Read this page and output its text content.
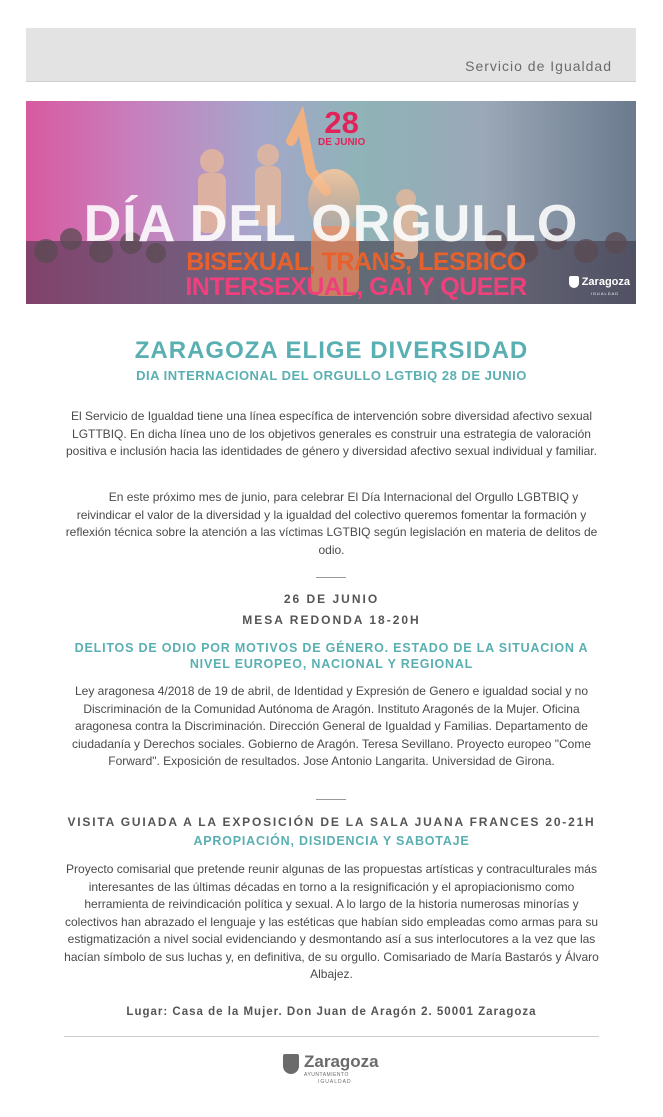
Servicio de Igualdad
28
DE JUNIO
DÍA DEL ORGULLO
BISEXUAL, TRANS, LESBICO
INTERSEXUAL, GAI Y QUEER	Zaragoza
IGUALDAD
ZARAGOZA ELIGE DIVERSIDAD
DIA INTERNACIONAL DEL ORGULLO LGTBIQ 28 DE JUNIO
El Servicio de Igualdad tiene una línea específica de intervención sobre diversidad afectivo sexual LGTTBIQ. En dicha línea uno de los objetivos generales es construir una estrategia de valoración positiva e inclusión hacia las identidades de género y diversidad afectivo sexual individual y familiar.
En este próximo mes de junio, para celebrar El Día Internacional del Orgullo LGBTBIQ y reivindicar el valor de la diversidad y la igualdad del colectivo queremos fomentar la formación y reflexión técnica sobre la atención a las víctimas LGTBIQ según legislación en materia de delitos de odio.
26 DE JUNIO
MESA REDONDA 18-20H
DELITOS DE ODIO POR MOTIVOS DE GÉNERO. ESTADO DE LA SITUACION A NIVEL EUROPEO, NACIONAL Y REGIONAL
Ley aragonesa 4/2018 de 19 de abril, de Identidad y Expresión de Genero e igualdad social y no Discriminación de la Comunidad Autónoma de Aragón. Instituto Aragonés de la Mujer. Oficina aragonesa contra la Discriminación. Dirección General de Igualdad y Familias. Departamento de ciudadanía y Derechos sociales. Gobierno de Aragón. Teresa Sevillano. Proyecto europeo "Come Forward". Exposición de resultados. Jose Antonio Langarita. Universidad de Girona.
VISITA GUIADA A LA EXPOSICIÓN DE LA SALA JUANA FRANCES 20-21H
APROPIACIÓN, DISIDENCIA Y SABOTAJE
Proyecto comisarial que pretende reunir algunas de las propuestas artísticas y contraculturales más interesantes de las últimas décadas en torno a la resignificación y el apropiacionismo como herramienta de reivindicación política y sexual. A lo largo de la historia numerosas minorías y colectivos han abrazado el lenguaje y las estéticas que habían sido empleadas como armas para su estigmatización a nivel social evidenciando y desmontando así a sus interlocutores a la vez que las hacían símbolo de sus luchas y, en definitiva, de su orgullo. Comisariado de María Bastarós y Álvaro Albajez.
Lugar: Casa de la Mujer. Don Juan de Aragón 2. 50001 Zaragoza
Zaragoza
AYUNTAMIENTO
IGUALDAD
